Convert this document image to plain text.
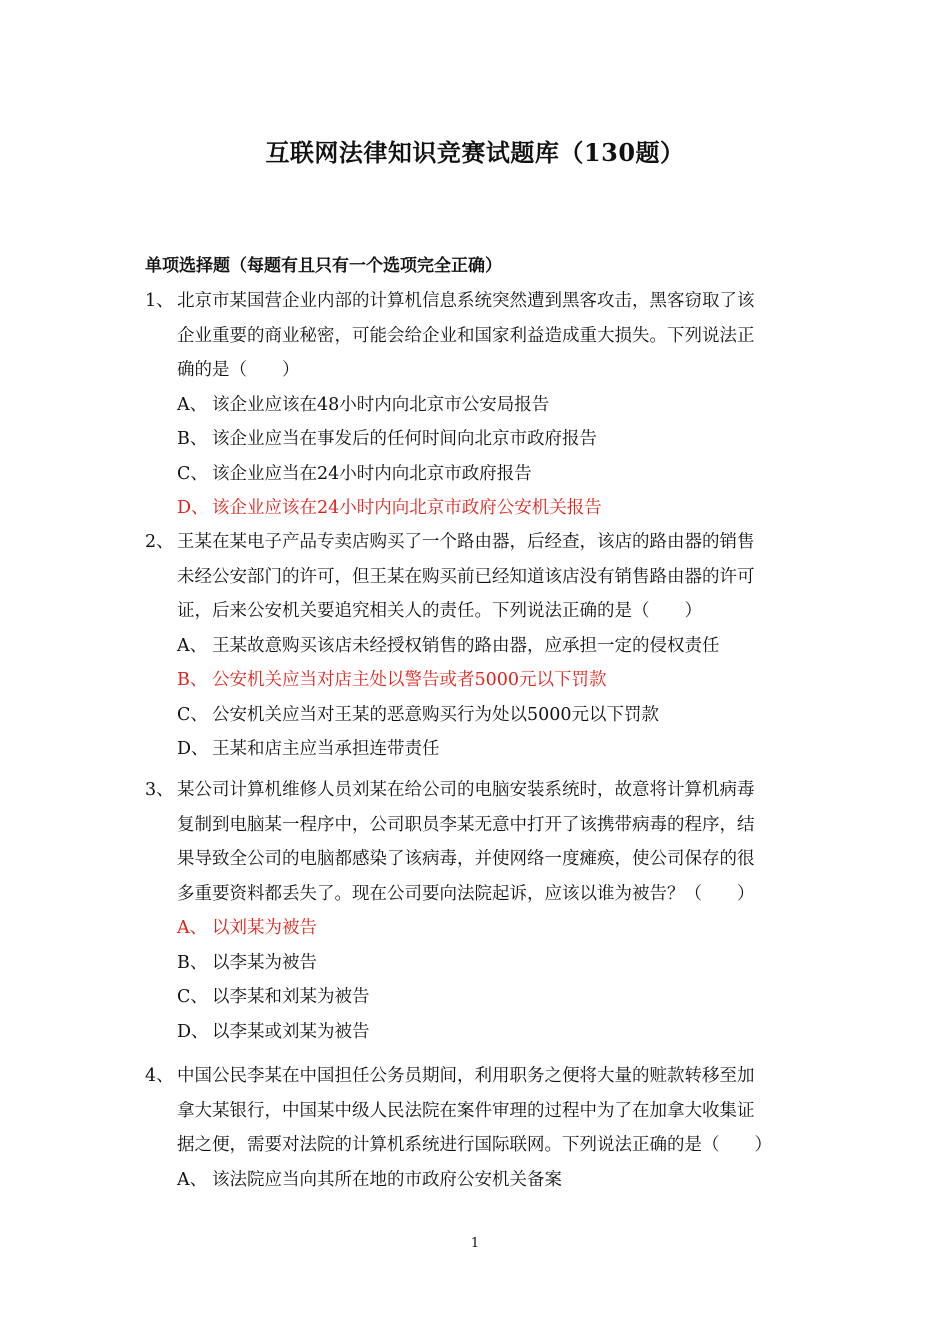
互联网法律知识竞赛试题库（130题）
单项选择题（每题有且只有一个选项完全正确）
1、 北京市某国营企业内部的计算机信息系统突然遭到黑客攻击，黑客窃取了该
企业重要的商业秘密，可能会给企业和国家利益造成重大损失。下列说法正
确的是（　　）
A、 该企业应该在48小时内向北京市公安局报告
B、 该企业应当在事发后的任何时间向北京市政府报告
C、 该企业应当在24小时内向北京市政府报告
D、 该企业应该在24小时内向北京市政府公安机关报告
2、 王某在某电子产品专卖店购买了一个路由器，后经查，该店的路由器的销售
未经公安部门的许可，但王某在购买前已经知道该店没有销售路由器的许可
证，后来公安机关要追究相关人的责任。下列说法正确的是（　　）
A、 王某故意购买该店未经授权销售的路由器，应承担一定的侵权责任
B、 公安机关应当对店主处以警告或者5000元以下罚款
C、 公安机关应当对王某的恶意购买行为处以5000元以下罚款
D、 王某和店主应当承担连带责任
3、 某公司计算机维修人员刘某在给公司的电脑安装系统时，故意将计算机病毒
复制到电脑某一程序中，公司职员李某无意中打开了该携带病毒的程序，结
果导致全公司的电脑都感染了该病毒，并使网络一度瘫痪，使公司保存的很
多重要资料都丢失了。现在公司要向法院起诉，应该以谁为被告？（　　）
A、 以刘某为被告
B、 以李某为被告
C、 以李某和刘某为被告
D、 以李某或刘某为被告
4、 中国公民李某在中国担任公务员期间，利用职务之便将大量的赃款转移至加
拿大某银行，中国某中级人民法院在案件审理的过程中为了在加拿大收集证
据之便，需要对法院的计算机系统进行国际联网。下列说法正确的是（　　）
A、 该法院应当向其所在地的市政府公安机关备案
1
